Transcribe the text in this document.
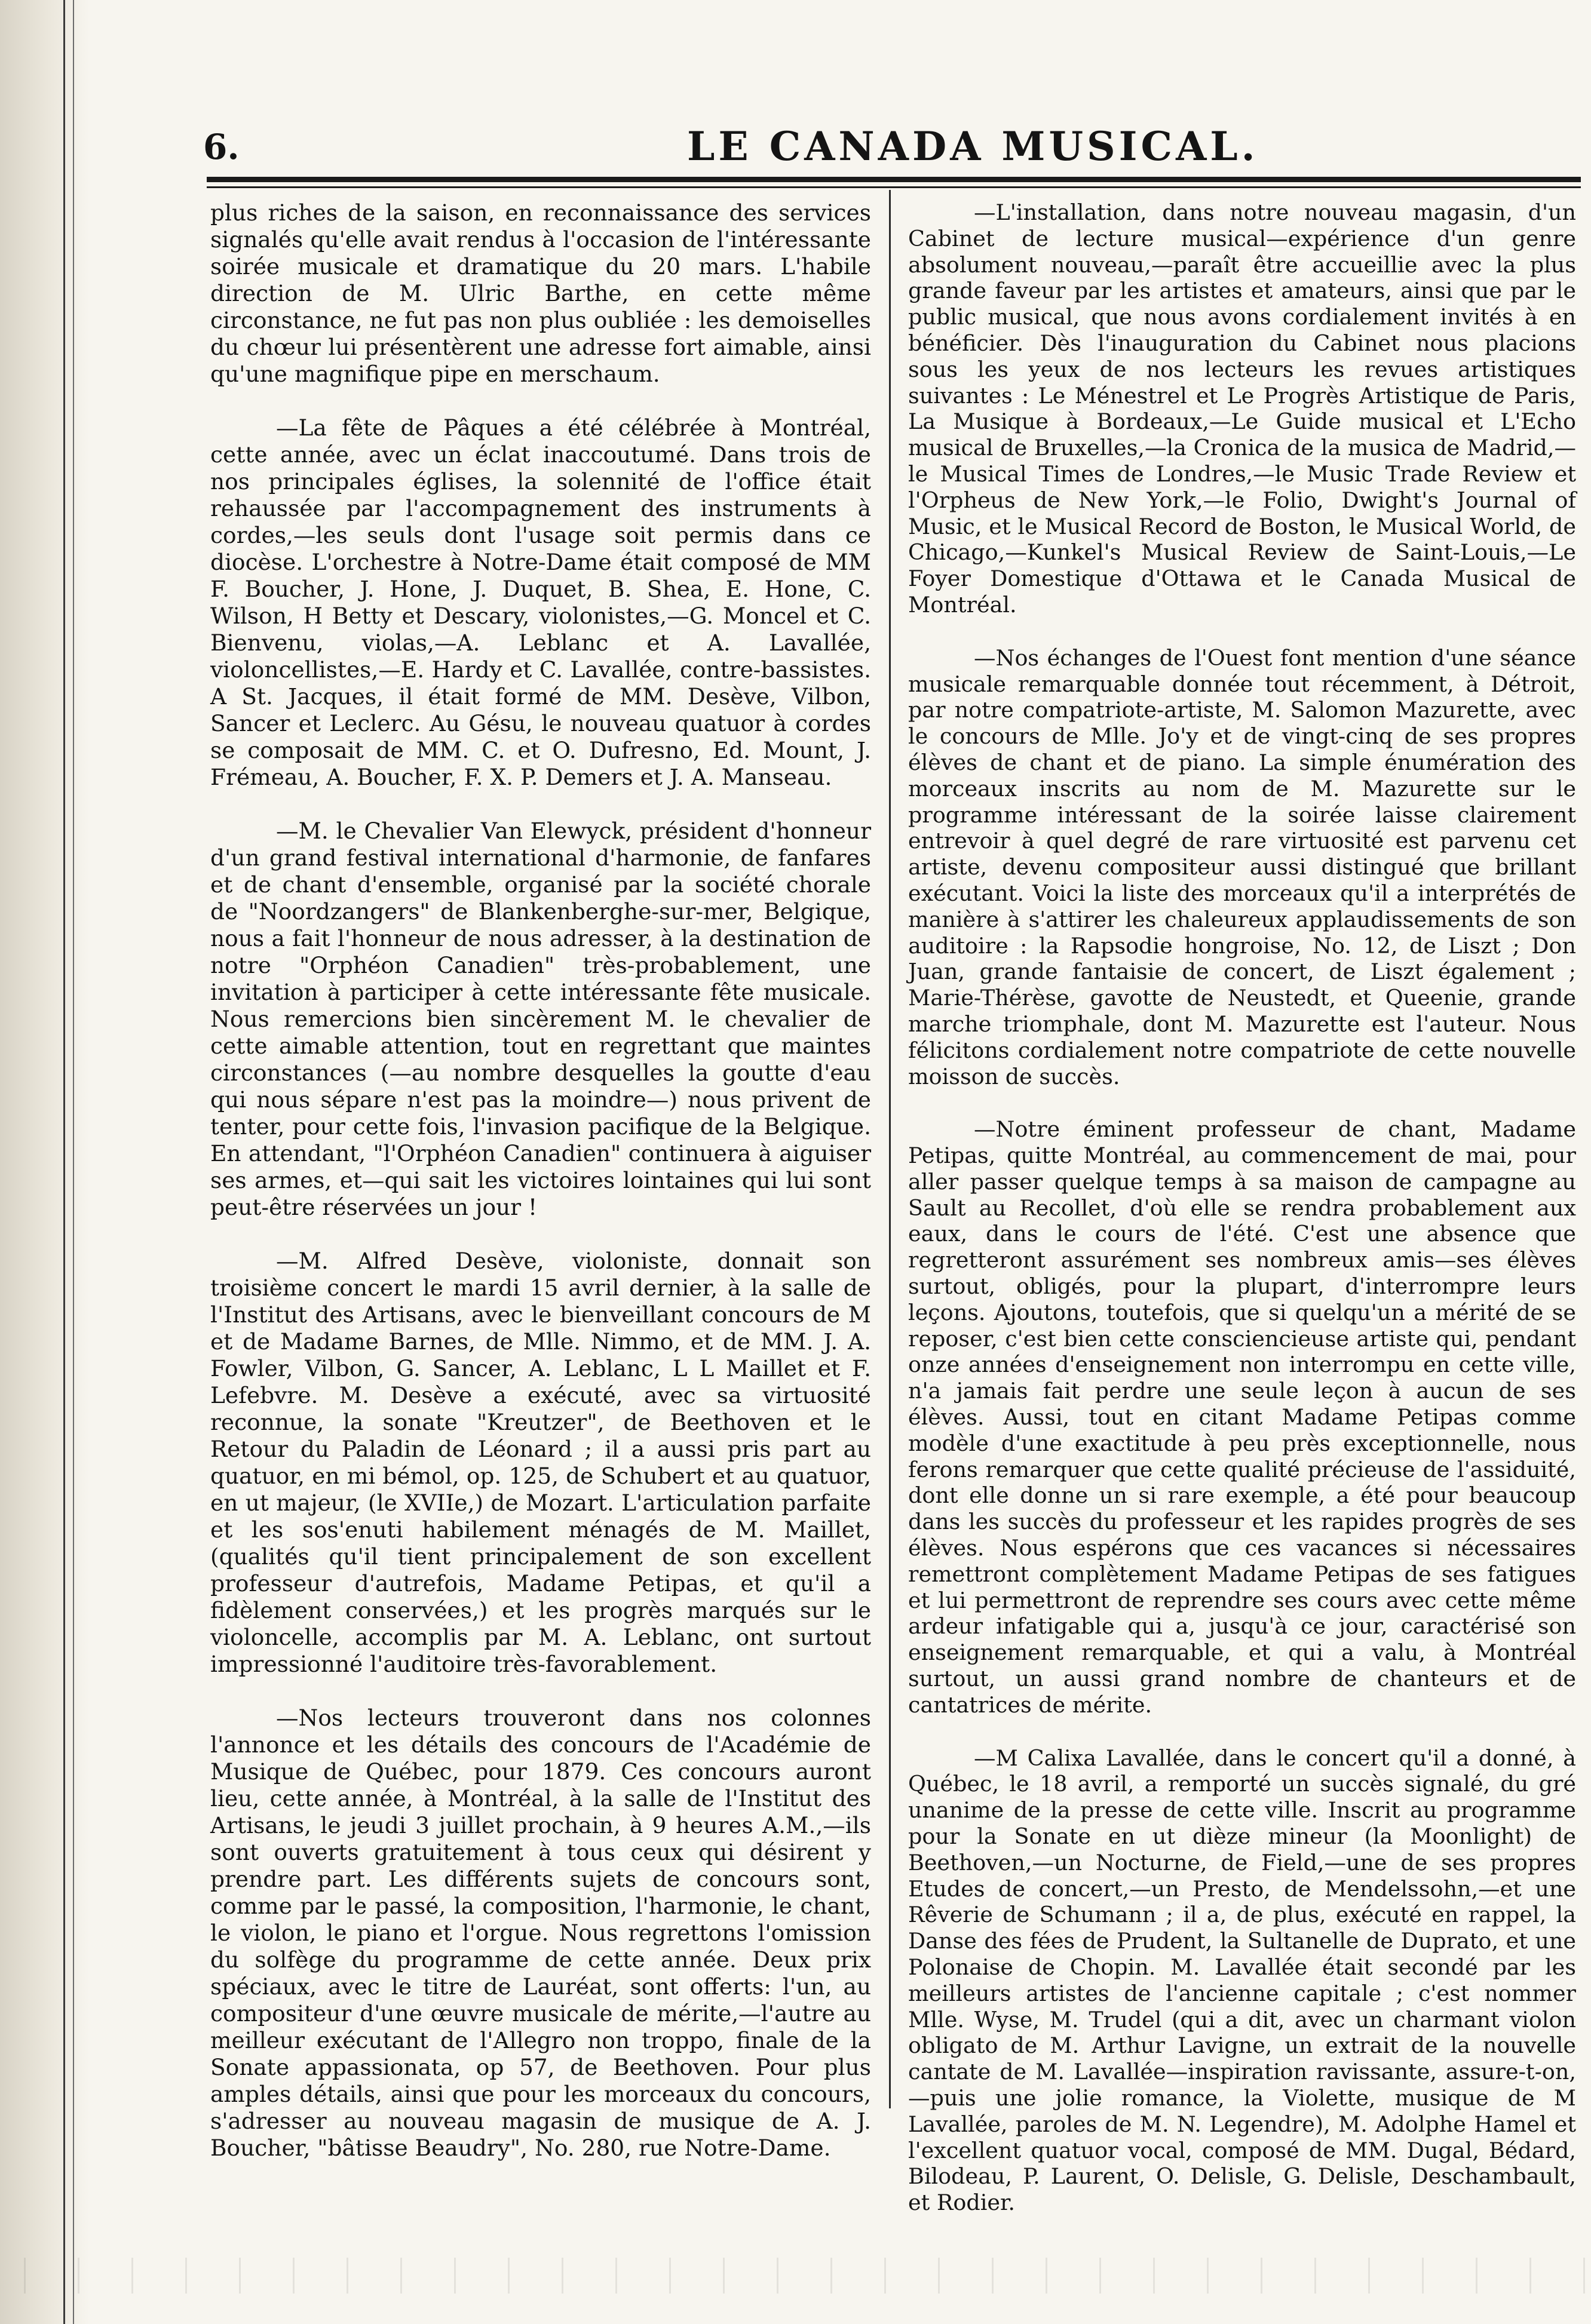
6.	LE CANADA MUSICAL.

plus riches de la saison, en reconnaissance des services signalés qu'elle avait rendus à l'occasion de l'intéressante soirée musicale et dramatique du 20 mars. L'habile direction de M. Ulric Barthe, en cette même circonstance, ne fut pas non plus oubliée : les demoiselles du chœur lui présentèrent une adresse fort aimable, ainsi qu'une magnifique pipe en merschaum.

—La fête de Pâques a été célébrée à Montréal, cette année, avec un éclat inaccoutumé. Dans trois de nos principales églises, la solennité de l'office était rehaussée par l'accompagnement des instruments à cordes,—les seuls dont l'usage soit permis dans ce diocèse. L'orchestre à Notre-Dame était composé de MM F. Boucher, J. Hone, J. Duquet, B. Shea, E. Hone, C. Wilson, H Betty et Descary, violonistes,—G. Moncel et C. Bienvenu, violas,—A. Leblanc et A. Lavallée, violoncellistes,—E. Hardy et C. Lavallée, contre-bassistes. A St. Jacques, il était formé de MM. Desève, Vilbon, Sancer et Leclerc. Au Gésu, le nouveau quatuor à cordes se composait de MM. C. et O. Dufresno, Ed. Mount, J. Frémeau, A. Boucher, F. X. P. Demers et J. A. Manseau.

—M. le Chevalier Van Elewyck, président d'honneur d'un grand festival international d'harmonie, de fanfares et de chant d'ensemble, organisé par la société chorale de "Noordzangers" de Blankenberghe-sur-mer, Belgique, nous a fait l'honneur de nous adresser, à la destination de notre "Orphéon Canadien" très-probablement, une invitation à participer à cette intéressante fête musicale. Nous remercions bien sincèrement M. le chevalier de cette aimable attention, tout en regrettant que maintes circonstances (—au nombre desquelles la goutte d'eau qui nous sépare n'est pas la moindre—) nous privent de tenter, pour cette fois, l'invasion pacifique de la Belgique. En attendant, "l'Orphéon Canadien" continuera à aiguiser ses armes, et—qui sait les victoires lointaines qui lui sont peut-être réservées un jour !

—M. Alfred Desève, violoniste, donnait son troisième concert le mardi 15 avril dernier, à la salle de l'Institut des Artisans, avec le bienveillant concours de M et de Madame Barnes, de Mlle. Nimmo, et de MM. J. A. Fowler, Vilbon, G. Sancer, A. Leblanc, L L Maillet et F. Lefebvre. M. Desève a exécuté, avec sa virtuosité reconnue, la sonate "Kreutzer", de Beethoven et le Retour du Paladin de Léonard ; il a aussi pris part au quatuor, en mi bémol, op. 125, de Schubert et au quatuor, en ut majeur, (le XVIIe,) de Mozart. L'articulation parfaite et les sos'enuti habilement ménagés de M. Maillet, (qualités qu'il tient principalement de son excellent professeur d'autrefois, Madame Petipas, et qu'il a fidèlement conservées,) et les progrès marqués sur le violoncelle, accomplis par M. A. Leblanc, ont surtout impressionné l'auditoire très-favorablement.

—Nos lecteurs trouveront dans nos colonnes l'annonce et les détails des concours de l'Académie de Musique de Québec, pour 1879. Ces concours auront lieu, cette année, à Montréal, à la salle de l'Institut des Artisans, le jeudi 3 juillet prochain, à 9 heures A.M.,—ils sont ouverts gratuitement à tous ceux qui désirent y prendre part. Les différents sujets de concours sont, comme par le passé, la composition, l'harmonie, le chant, le violon, le piano et l'orgue. Nous regrettons l'omission du solfège du programme de cette année. Deux prix spéciaux, avec le titre de Lauréat, sont offerts: l'un, au compositeur d'une œuvre musicale de mérite,—l'autre au meilleur exécutant de l'Allegro non troppo, finale de la Sonate appassionata, op 57, de Beethoven. Pour plus amples détails, ainsi que pour les morceaux du concours, s'adresser au nouveau magasin de musique de A. J. Boucher, "bâtisse Beaudry", No. 280, rue Notre-Dame.

—L'installation, dans notre nouveau magasin, d'un Cabinet de lecture musical—expérience d'un genre absolument nouveau,—paraît être accueillie avec la plus grande faveur par les artistes et amateurs, ainsi que par le public musical, que nous avons cordialement invités à en bénéficier. Dès l'inauguration du Cabinet nous placions sous les yeux de nos lecteurs les revues artistiques suivantes : Le Ménestrel et Le Progrès Artistique de Paris, La Musique à Bordeaux,—Le Guide musical et L'Echo musical de Bruxelles,—la Cronica de la musica de Madrid,—le Musical Times de Londres,—le Music Trade Review et l'Orpheus de New York,—le Folio, Dwight's Journal of Music, et le Musical Record de Boston, le Musical World, de Chicago,—Kunkel's Musical Review de Saint-Louis,—Le Foyer Domestique d'Ottawa et le Canada Musical de Montréal.

—Nos échanges de l'Ouest font mention d'une séance musicale remarquable donnée tout récemment, à Détroit, par notre compatriote-artiste, M. Salomon Mazurette, avec le concours de Mlle. Jo'y et de vingt-cinq de ses propres élèves de chant et de piano. La simple énumération des morceaux inscrits au nom de M. Mazurette sur le programme intéressant de la soirée laisse clairement entrevoir à quel degré de rare virtuosité est parvenu cet artiste, devenu compositeur aussi distingué que brillant exécutant. Voici la liste des morceaux qu'il a interprétés de manière à s'attirer les chaleureux applaudissements de son auditoire : la Rapsodie hongroise, No. 12, de Liszt ; Don Juan, grande fantaisie de concert, de Liszt également ; Marie-Thérèse, gavotte de Neustedt, et Queenie, grande marche triomphale, dont M. Mazurette est l'auteur. Nous félicitons cordialement notre compatriote de cette nouvelle moisson de succès.

—Notre éminent professeur de chant, Madame Petipas, quitte Montréal, au commencement de mai, pour aller passer quelque temps à sa maison de campagne au Sault au Recollet, d'où elle se rendra probablement aux eaux, dans le cours de l'été. C'est une absence que regretteront assurément ses nombreux amis—ses élèves surtout, obligés, pour la plupart, d'interrompre leurs leçons. Ajoutons, toutefois, que si quelqu'un a mérité de se reposer, c'est bien cette consciencieuse artiste qui, pendant onze années d'enseignement non interrompu en cette ville, n'a jamais fait perdre une seule leçon à aucun de ses élèves. Aussi, tout en citant Madame Petipas comme modèle d'une exactitude à peu près exceptionnelle, nous ferons remarquer que cette qualité précieuse de l'assiduité, dont elle donne un si rare exemple, a été pour beaucoup dans les succès du professeur et les rapides progrès de ses élèves. Nous espérons que ces vacances si nécessaires remettront complètement Madame Petipas de ses fatigues et lui permettront de reprendre ses cours avec cette même ardeur infatigable qui a, jusqu'à ce jour, caractérisé son enseignement remarquable, et qui a valu, à Montréal surtout, un aussi grand nombre de chanteurs et de cantatrices de mérite.

—M Calixa Lavallée, dans le concert qu'il a donné, à Québec, le 18 avril, a remporté un succès signalé, du gré unanime de la presse de cette ville. Inscrit au programme pour la Sonate en ut dièze mineur (la Moonlight) de Beethoven,—un Nocturne, de Field,—une de ses propres Etudes de concert,—un Presto, de Mendelssohn,—et une Rêverie de Schumann ; il a, de plus, exécuté en rappel, la Danse des fées de Prudent, la Sultanelle de Duprato, et une Polonaise de Chopin. M. Lavallée était secondé par les meilleurs artistes de l'ancienne capitale ; c'est nommer Mlle. Wyse, M. Trudel (qui a dit, avec un charmant violon obligato de M. Arthur Lavigne, un extrait de la nouvelle cantate de M. Lavallée—inspiration ravissante, assure-t-on,—puis une jolie romance, la Violette, musique de M Lavallée, paroles de M. N. Legendre), M. Adolphe Hamel et l'excellent quatuor vocal, composé de MM. Dugal, Bédard, Bilodeau, P. Laurent, O. Delisle, G. Delisle, Deschambault, et Rodier.
